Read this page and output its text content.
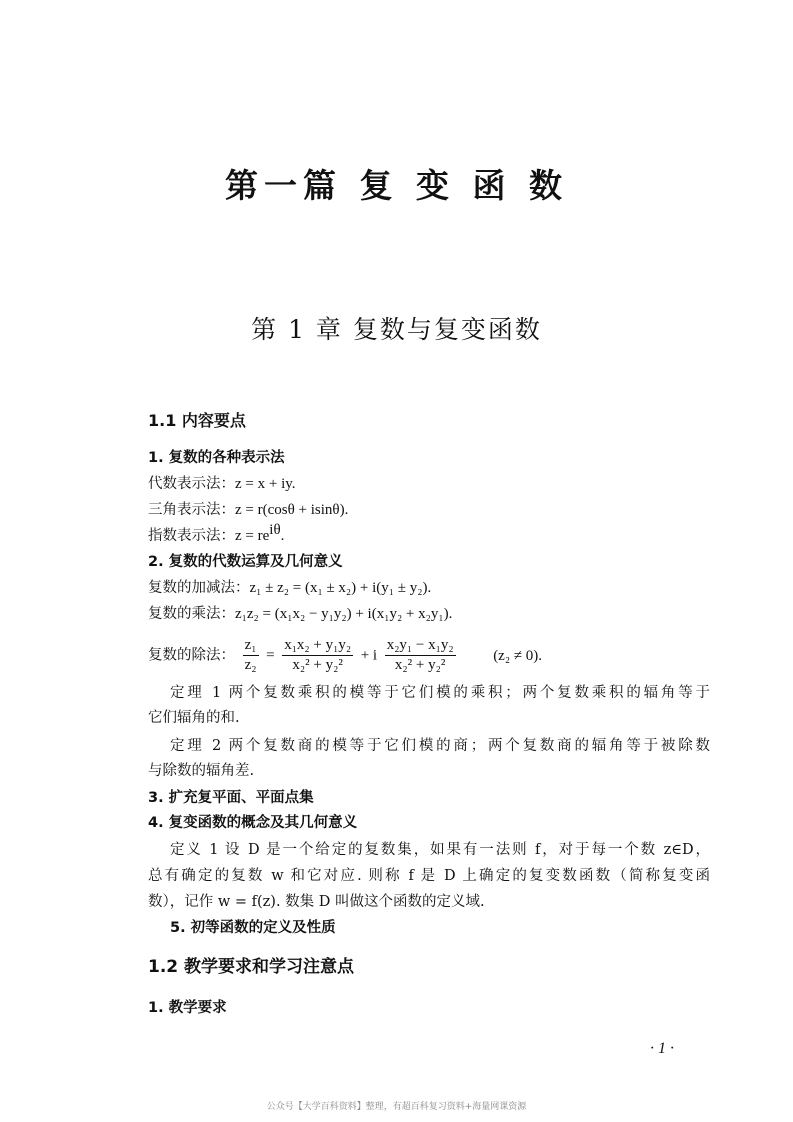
第一篇 复 变 函 数
第 1 章 复数与复变函数
1.1 内容要点
1. 复数的各种表示法
代数表示法：z = x + iy.
三角表示法：z = r(cosθ + isinθ).
指数表示法：$z = re^{i\theta}$.
2. 复数的代数运算及几何意义
复数的加减法：z₁ ± z₂ = (x₁ ± x₂) + i(y₁ ± y₂).
复数的乘法：z₁z₂ = (x₁x₂ − y₁y₂) + i(x₁y₂ + x₂y₁).
复数的除法： $\frac{\text{z₁}}{\text{z₂}} = \frac{\text{x₁x₂ + y₁y₂}}{\text{x₂² + y₂²}} + i \frac{\text{x₂y₁ − x₁y₂}}{\text{x₂² + y₂²}}$	(z₂ ≠ 0).
定理 1 两个复数乘积的模等于它们模的乘积；两个复数乘积的辐角等于
它们辐角的和.
定理 2 两个复数商的模等于它们模的商；两个复数商的辐角等于被除数
与除数的辐角差.
3. 扩充复平面、平面点集
4. 复变函数的概念及其几何意义
定义 1 设 D 是一个给定的复数集，如果有一法则 f，对于每一个数 z∈D，
总有确定的复数 w 和它对应. 则称 f 是 D 上确定的复变数函数（简称复变函
数），记作 w = f(z). 数集 D 叫做这个函数的定义域.
5. 初等函数的定义及性质
1.2 教学要求和学习注意点
1. 教学要求
· 1 ·
公众号【大学百科资料】整理，有超百科复习资料+海量网课资源
